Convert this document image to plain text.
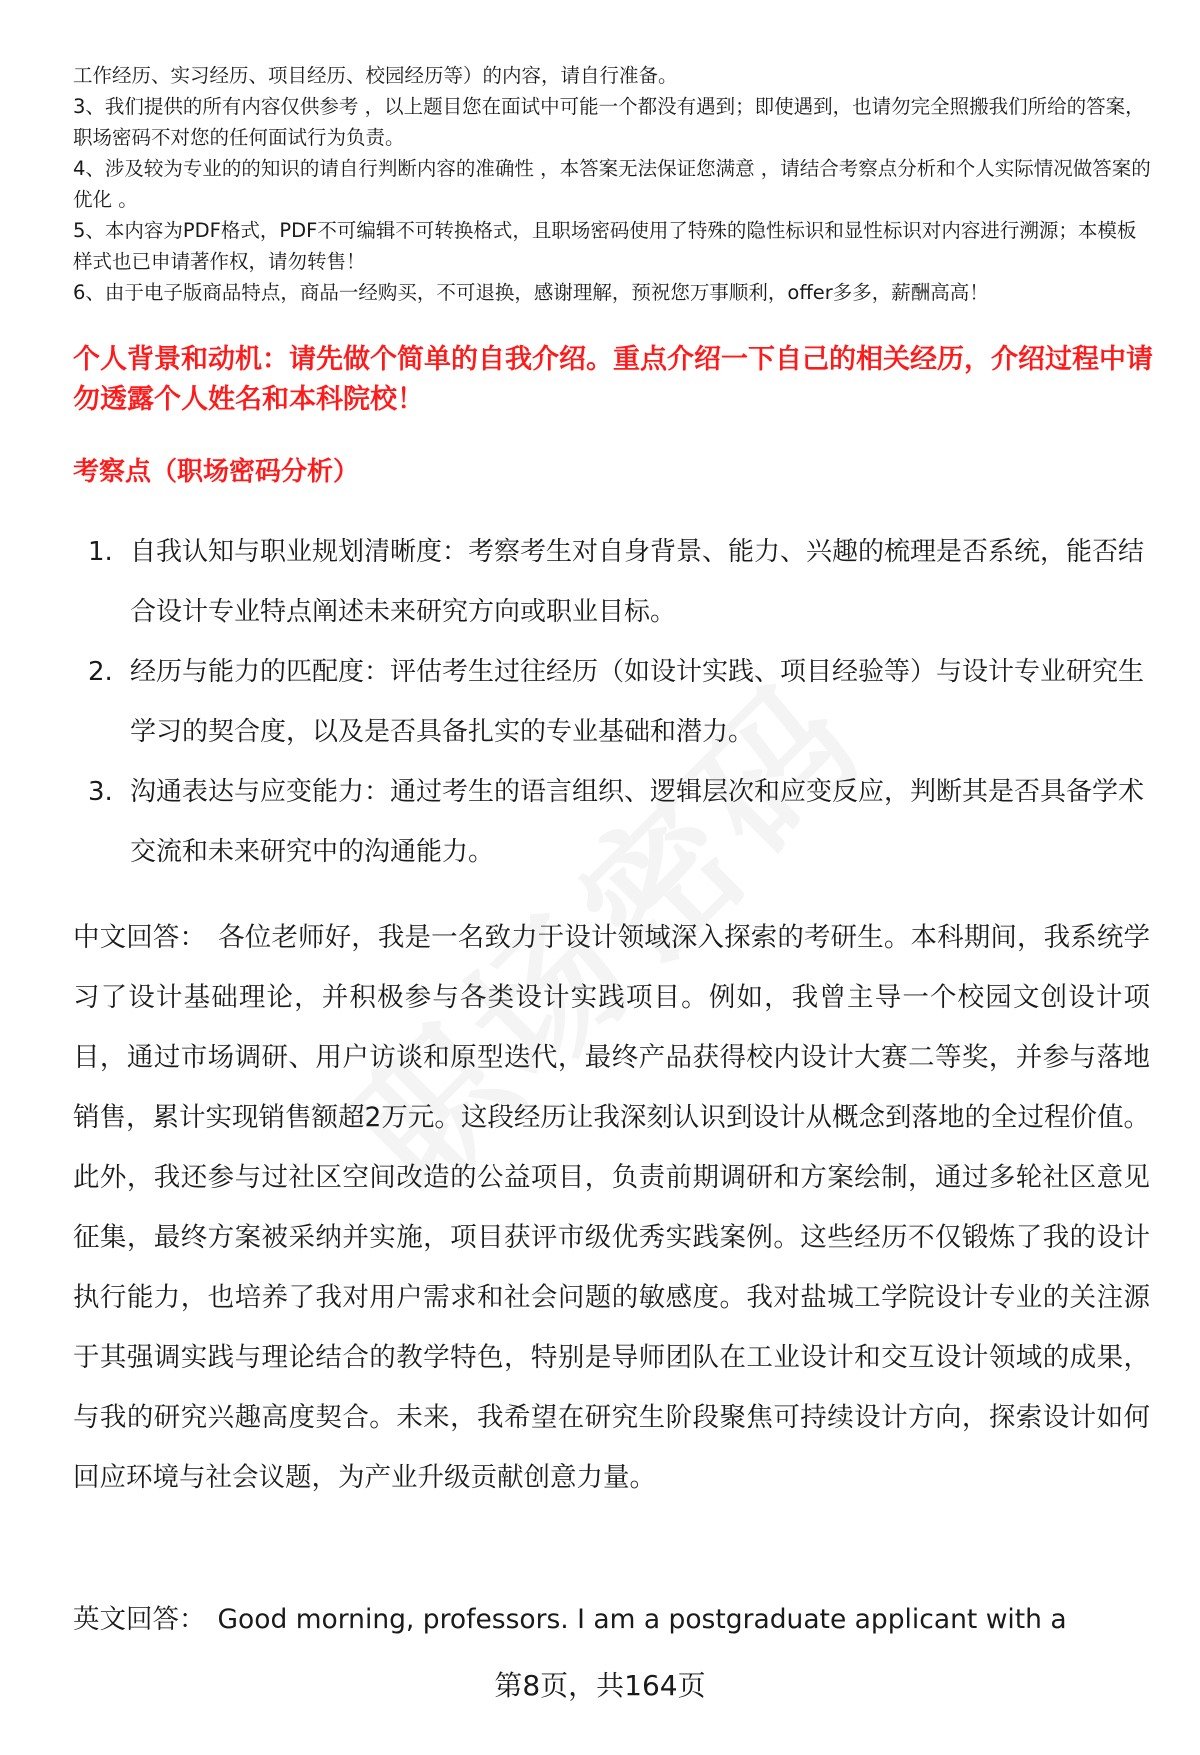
工作经历、实习经历、项目经历、校园经历等）的内容，请自行准备。

3、我们提供的所有内容仅供参考 ，以上题目您在面试中可能一个都没有遇到；即使遇到，也请勿完全照搬我们所给的答案，职场密码不对您的任何面试行为负责。

4、涉及较为专业的的知识的请自行判断内容的准确性 ，本答案无法保证您满意 ，请结合考察点分析和个人实际情况做答案的优化 。

5、本内容为PDF格式，PDF不可编辑不可转换格式，且职场密码使用了特殊的隐性标识和显性标识对内容进行溯源；本模板样式也已申请著作权，请勿转售！

6、由于电子版商品特点，商品一经购买，不可退换，感谢理解，预祝您万事顺利，offer多多，薪酬高高！

个人背景和动机：请先做个简单的自我介绍。重点介绍一下自己的相关经历，介绍过程中请勿透露个人姓名和本科院校！
考察点（职场密码分析）
1. 自我认知与职业规划清晰度：考察考生对自身背景、能力、兴趣的梳理是否系统，能否结合设计专业特点阐述未来研究方向或职业目标。
2. 经历与能力的匹配度：评估考生过往经历（如设计实践、项目经验等）与设计专业研究生学习的契合度，以及是否具备扎实的专业基础和潜力。
3. 沟通表达与应变能力：通过考生的语言组织、逻辑层次和应变反应，判断其是否具备学术交流和未来研究中的沟通能力。
中文回答： 各位老师好，我是一名致力于设计领域深入探索的考研生。本科期间，我系统学习了设计基础理论，并积极参与各类设计实践项目。例如，我曾主导一个校园文创设计项目，通过市场调研、用户访谈和原型迭代，最终产品获得校内设计大赛二等奖，并参与落地销售，累计实现销售额超2万元。这段经历让我深刻认识到设计从概念到落地的全过程价值。此外，我还参与过社区空间改造的公益项目，负责前期调研和方案绘制，通过多轮社区意见征集，最终方案被采纳并实施，项目获评市级优秀实践案例。这些经历不仅锻炼了我的设计执行能力，也培养了我对用户需求和社会问题的敏感度。我对盐城工学院设计专业的关注源于其强调实践与理论结合的教学特色，特别是导师团队在工业设计和交互设计领域的成果，与我的研究兴趣高度契合。未来，我希望在研究生阶段聚焦可持续设计方向，探索设计如何回应环境与社会议题，为产业升级贡献创意力量。
英文回答： Good morning, professors. I am a postgraduate applicant with a
第8页，共164页
